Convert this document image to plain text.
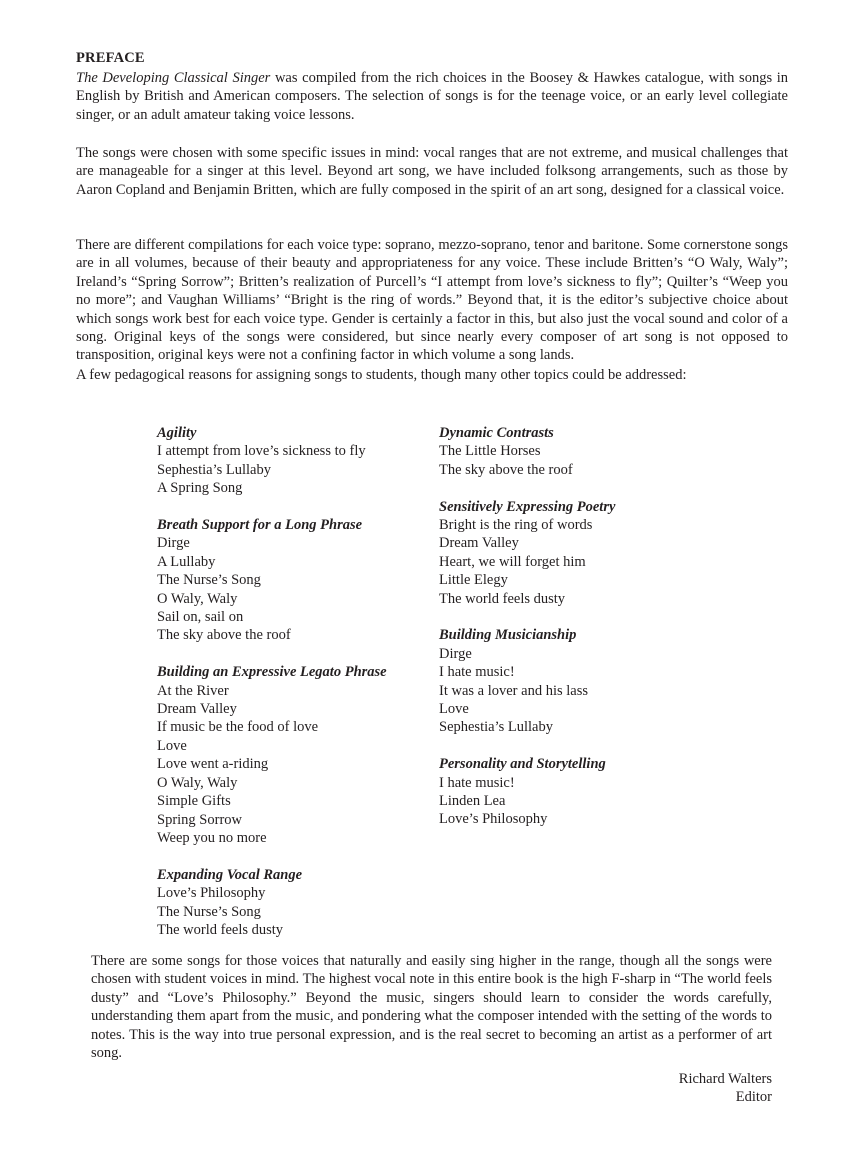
PREFACE

The Developing Classical Singer was compiled from the rich choices in the Boosey & Hawkes catalogue, with songs in English by British and American composers. The selection of songs is for the teenage voice, or an early level collegiate singer, or an adult amateur taking voice lessons.

The songs were chosen with some specific issues in mind: vocal ranges that are not extreme, and musical challenges that are manageable for a singer at this level. Beyond art song, we have included folksong arrangements, such as those by Aaron Copland and Benjamin Britten, which are fully composed in the spirit of an art song, designed for a classical voice.

There are different compilations for each voice type: soprano, mezzo-soprano, tenor and baritone. Some cornerstone songs are in all volumes, because of their beauty and appropriateness for any voice. These include Britten’s “O Waly, Waly”; Ireland’s “Spring Sorrow”; Britten’s realization of Purcell’s “I attempt from love’s sickness to fly”; Quilter’s “Weep you no more”; and Vaughan Williams’ “Bright is the ring of words.” Beyond that, it is the editor’s subjective choice about which songs work best for each voice type. Gender is certainly a factor in this, but also just the vocal sound and color of a song. Original keys of the songs were considered, but since nearly every composer of art song is not opposed to transposition, original keys were not a confining factor in which volume a song lands.

A few pedagogical reasons for assigning songs to students, though many other topics could be addressed:

Agility
I attempt from love’s sickness to fly
Sephestia’s Lullaby
A Spring Song
Breath Support for a Long Phrase
Dirge
A Lullaby
The Nurse’s Song
O Waly, Waly
Sail on, sail on
The sky above the roof
Building an Expressive Legato Phrase
At the River
Dream Valley
If music be the food of love
Love
Love went a-riding
O Waly, Waly
Simple Gifts
Spring Sorrow
Weep you no more
Expanding Vocal Range
Love’s Philosophy
The Nurse’s Song
The world feels dusty
Dynamic Contrasts
The Little Horses
The sky above the roof
Sensitively Expressing Poetry
Bright is the ring of words
Dream Valley
Heart, we will forget him
Little Elegy
The world feels dusty
Building Musicianship
Dirge
I hate music!
It was a lover and his lass
Love
Sephestia’s Lullaby
Personality and Storytelling
I hate music!
Linden Lea
Love’s Philosophy

There are some songs for those voices that naturally and easily sing higher in the range, though all the songs were chosen with student voices in mind. The highest vocal note in this entire book is the high F-sharp in “The world feels dusty” and “Love’s Philosophy.” Beyond the music, singers should learn to consider the words carefully, understanding them apart from the music, and pondering what the composer intended with the setting of the words to notes. This is the way into true personal expression, and is the real secret to becoming an artist as a performer of art song.

Richard Walters
Editor
